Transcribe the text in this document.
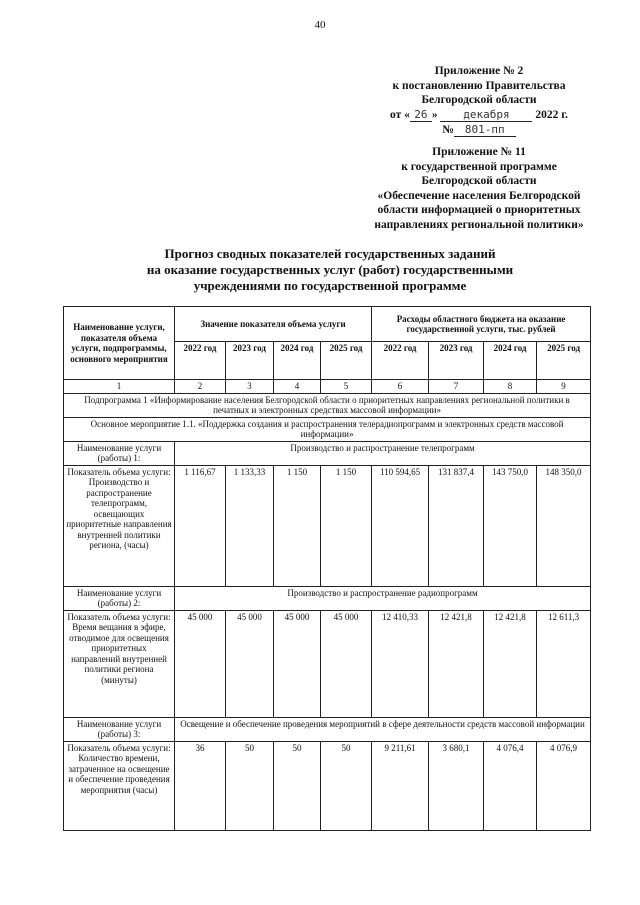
40
Приложение № 2
к постановлению Правительства
Белгородской области
от « 26 » декабря 2022 г.
№ 801-пп
Приложение № 11
к государственной программе
Белгородской области
«Обеспечение населения Белгородской
области информацией о приоритетных
направлениях региональной политики»
Прогноз сводных показателей государственных заданий
на оказание государственных услуг (работ) государственными
учреждениями по государственной программе
Наименование услуги, показателя объема услуги, подпрограммы, основного мероприятия	Значение показателя объема услуги				Расходы областного бюджета на оказание государственной услуги, тыс. рублей			
	2022 год	2023 год	2024 год	2025 год	2022 год	2023 год	2024 год	2025 год
1	2	3	4	5	6	7	8	9
Подпрограмма 1 «Информирование населения Белгородской области о приоритетных направлениях региональной политики в печатных и электронных средствах массовой информации»								
Основное мероприятие 1.1. «Поддержка создания и распространения телерадиопрограмм и электронных средств массовой информации»								
Наименование услуги (работы) 1:	Производство и распространение телепрограмм							
Показатель объема услуги: Производство и распространение телепрограмм, освещающих приоритетные направления внутренней политики региона, (часы)	1 116,67	1 133,33	1 150	1 150	110 594,65	131 837,4	143 750,0	148 350,0
Наименование услуги (работы) 2:	Производство и распространение радиопрограмм							
Показатель объема услуги: Время вещания в эфире, отводимое для освещения приоритетных направлений внутренней политики региона (минуты)	45 000	45 000	45 000	45 000	12 410,33	12 421,8	12 421,8	12 611,3
Наименование услуги (работы) 3:	Освещение и обеспечение проведения мероприятий в сфере деятельности средств массовой информации							
Показатель объема услуги: Количество времени, затраченное на освещение и обеспечение проведения мероприятия (часы)	36	50	50	50	9 211,61	3 680,1	4 076,4	4 076,9
